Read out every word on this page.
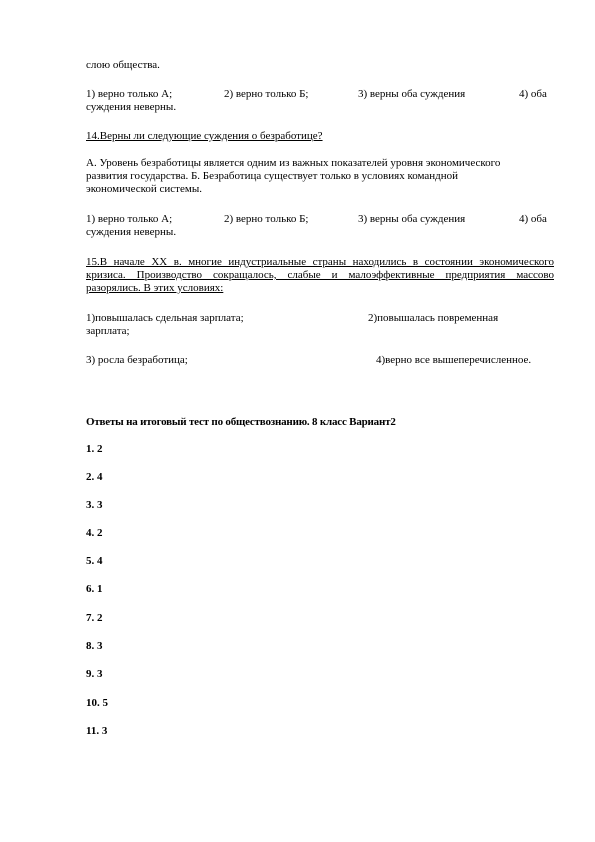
слою общества.
1) верно только А;	2) верно только Б;	3) верны оба суждения	4) оба
суждения неверны.
14.Верны ли следующие суждения о безработице?
А. Уровень безработицы является одним из важных показателей уровня экономического
развития государства. Б. Безработица существует только в условиях командной
экономической системы.
1) верно только А;	2) верно только Б;	3) верны оба суждения	4) оба
суждения неверны.
15.В начале XX в. многие индустриальные страны находились в состоянии экономического
кризиса. Производство сокращалось, слабые и малоэффективные предприятия массово
разорялись. В этих условиях:
1)повышалась сдельная зарплата;	2)повышалась повременная
зарплата;
3) росла безработица;	4)верно все вышеперечисленное.
Ответы на итоговый тест по обществознанию. 8 класс Вариант2
1. 2
2. 4
3. 3
4. 2
5. 4
6. 1
7. 2
8. 3
9. 3
10. 5
11. 3
